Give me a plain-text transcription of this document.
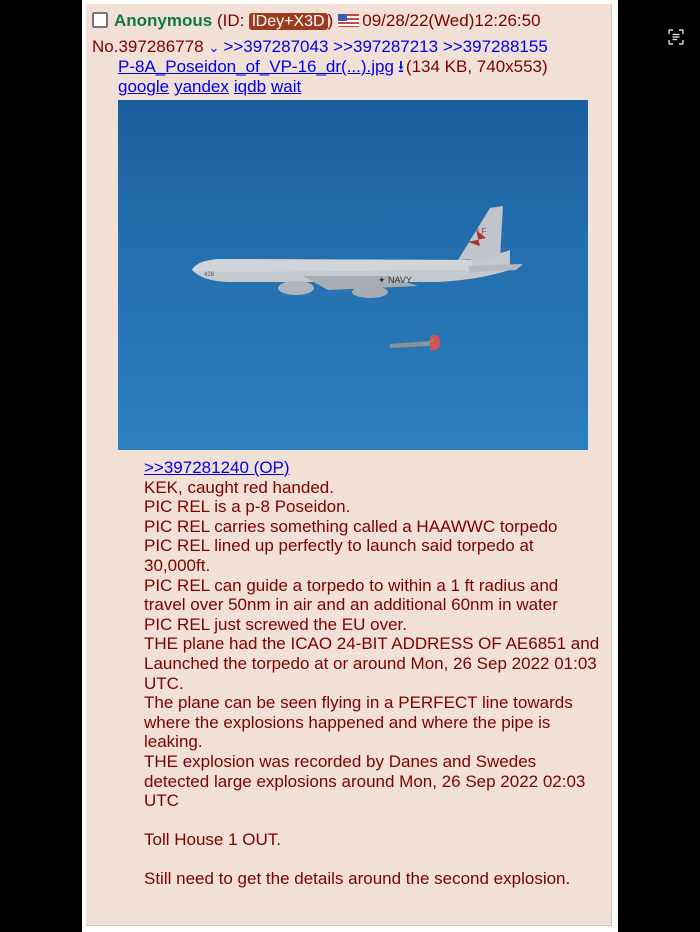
Anonymous (ID: lDey+X3D ) 09/28/22(Wed)12:26:50
No.397286778 ⌄ >>397287043 >>397287213 >>397288155
P-8A_Poseidon_of_VP-16_dr(...).jpg ⭳ (134 KB, 740x553)
google yandex iqdb wait
LF
✦ NAVY
428
>>397281240 (OP)
KEK, caught red handed.
PIC REL is a p-8 Poseidon.
PIC REL carries something called a HAAWWC torpedo
PIC REL lined up perfectly to launch said torpedo at 30,000ft.
PIC REL can guide a torpedo to within a 1 ft radius and travel over 50nm in air and an additional 60nm in water
PIC REL just screwed the EU over.
THE plane had the ICAO 24-BIT ADDRESS OF AE6851 and Launched the torpedo at or around Mon, 26 Sep 2022 01:03 UTC.
The plane can be seen flying in a PERFECT line towards where the explosions happened and where the pipe is leaking.
THE explosion was recorded by Danes and Swedes detected large explosions around Mon, 26 Sep 2022 02:03 UTC

Toll House 1 OUT.

Still need to get the details around the second explosion.
